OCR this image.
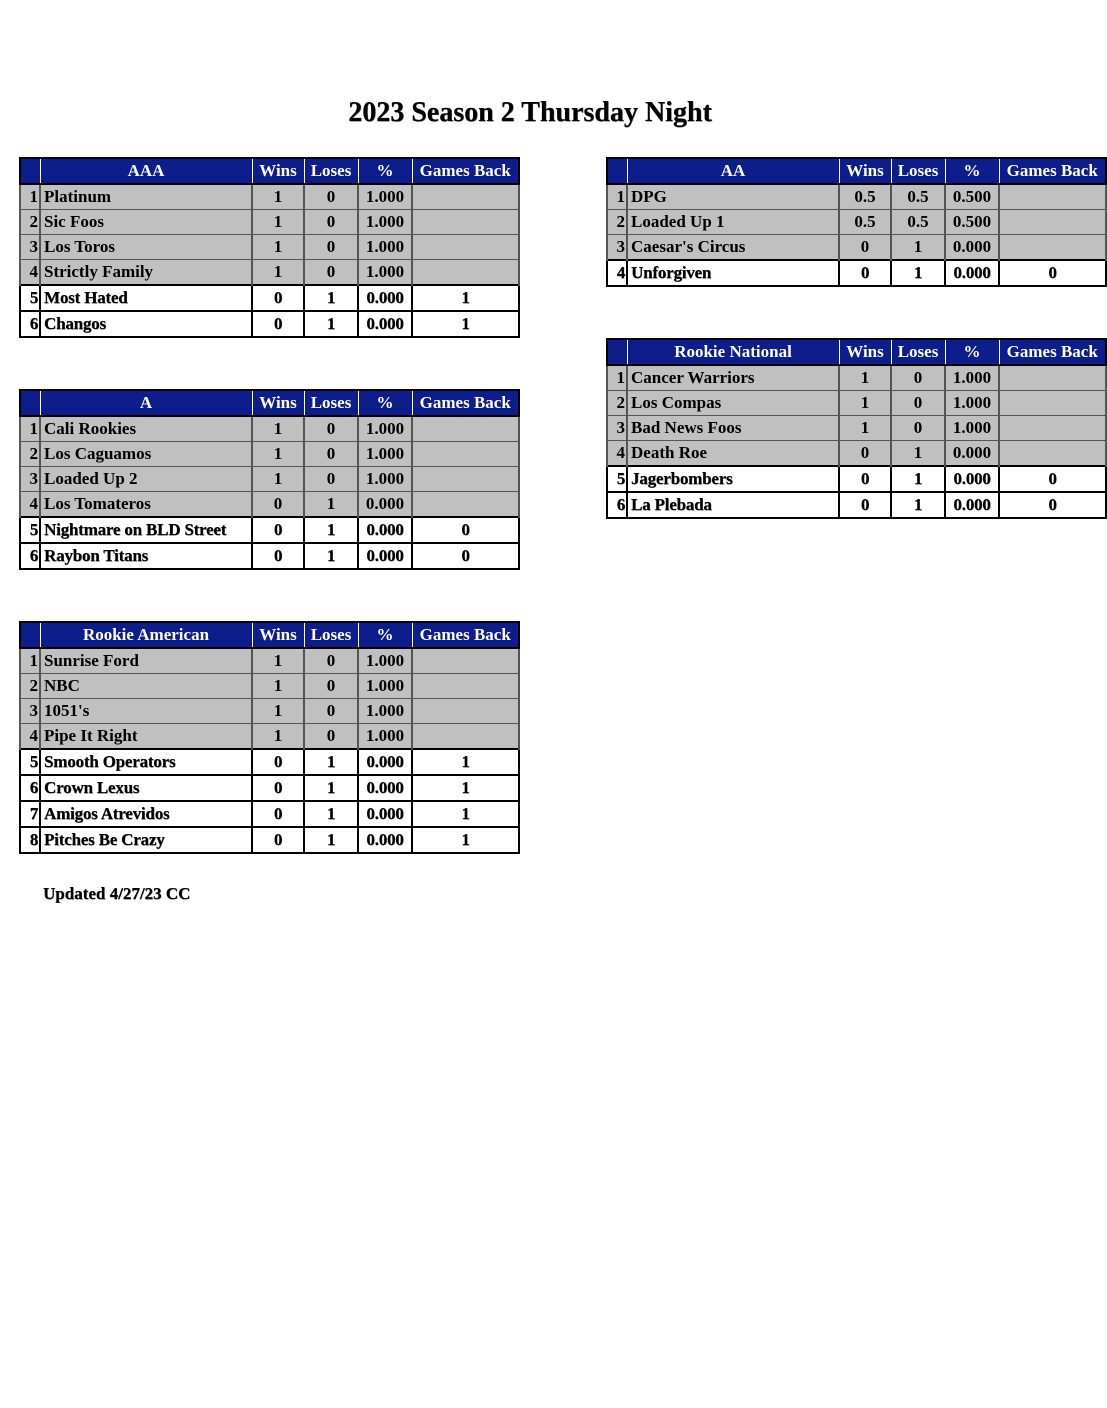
2023 Season 2 Thursday Night
	AAA	Wins	Loses	%	Games Back
1	Platinum	1	0	1.000	
2	Sic Foos	1	0	1.000	
3	Los Toros	1	0	1.000	
4	Strictly Family	1	0	1.000	
5	Most Hated	0	1	0.000	1
6	Changos	0	1	0.000	1
	AA	Wins	Loses	%	Games Back
1	DPG	0.5	0.5	0.500	
2	Loaded Up 1	0.5	0.5	0.500	
3	Caesar's Circus	0	1	0.000	
4	Unforgiven	0	1	0.000	0
	A	Wins	Loses	%	Games Back
1	Cali Rookies	1	0	1.000	
2	Los Caguamos	1	0	1.000	
3	Loaded Up 2	1	0	1.000	
4	Los Tomateros	0	1	0.000	
5	Nightmare on BLD Street	0	1	0.000	0
6	Raybon Titans	0	1	0.000	0
	Rookie National	Wins	Loses	%	Games Back
1	Cancer Warriors	1	0	1.000	
2	Los Compas	1	0	1.000	
3	Bad News Foos	1	0	1.000	
4	Death Roe	0	1	0.000	
5	Jagerbombers	0	1	0.000	0
6	La Plebada	0	1	0.000	0
	Rookie American	Wins	Loses	%	Games Back
1	Sunrise Ford	1	0	1.000	
2	NBC	1	0	1.000	
3	1051's	1	0	1.000	
4	Pipe It Right	1	0	1.000	
5	Smooth Operators	0	1	0.000	1
6	Crown Lexus	0	1	0.000	1
7	Amigos Atrevidos	0	1	0.000	1
8	Pitches Be Crazy	0	1	0.000	1
Updated 4/27/23 CC
